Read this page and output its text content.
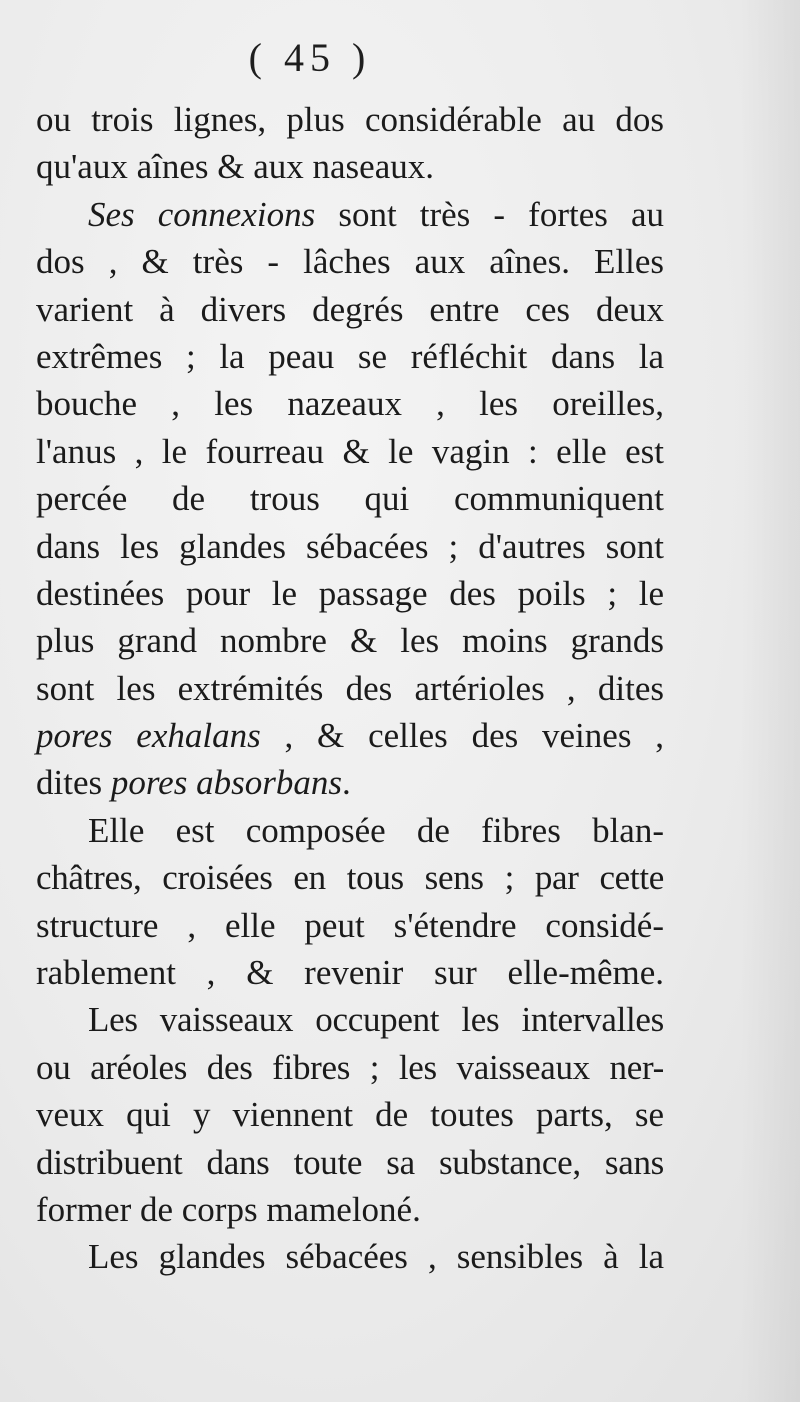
( 45 )
ou trois lignes, plus considérable au dos
qu'aux aînes & aux naseaux.
Ses connexions sont très - fortes au
dos , & très - lâches aux aînes. Elles
varient à divers degrés entre ces deux
extrêmes ; la peau se réfléchit dans la
bouche , les nazeaux , les oreilles,
l'anus , le fourreau & le vagin : elle est
percée de trous qui communiquent
dans les glandes sébacées ; d'autres sont
destinées pour le passage des poils ; le
plus grand nombre & les moins grands
sont les extrémités des artérioles , dites
pores exhalans , & celles des veines ,
dites pores absorbans.
Elle est composée de fibres blan-
châtres, croisées en tous sens ; par cette
structure , elle peut s'étendre considé-
rablement , & revenir sur elle-même.
Les vaisseaux occupent les intervalles
ou aréoles des fibres ; les vaisseaux ner-
veux qui y viennent de toutes parts, se
distribuent dans toute sa substance, sans
former de corps mameloné.
Les glandes sébacées , sensibles à la
